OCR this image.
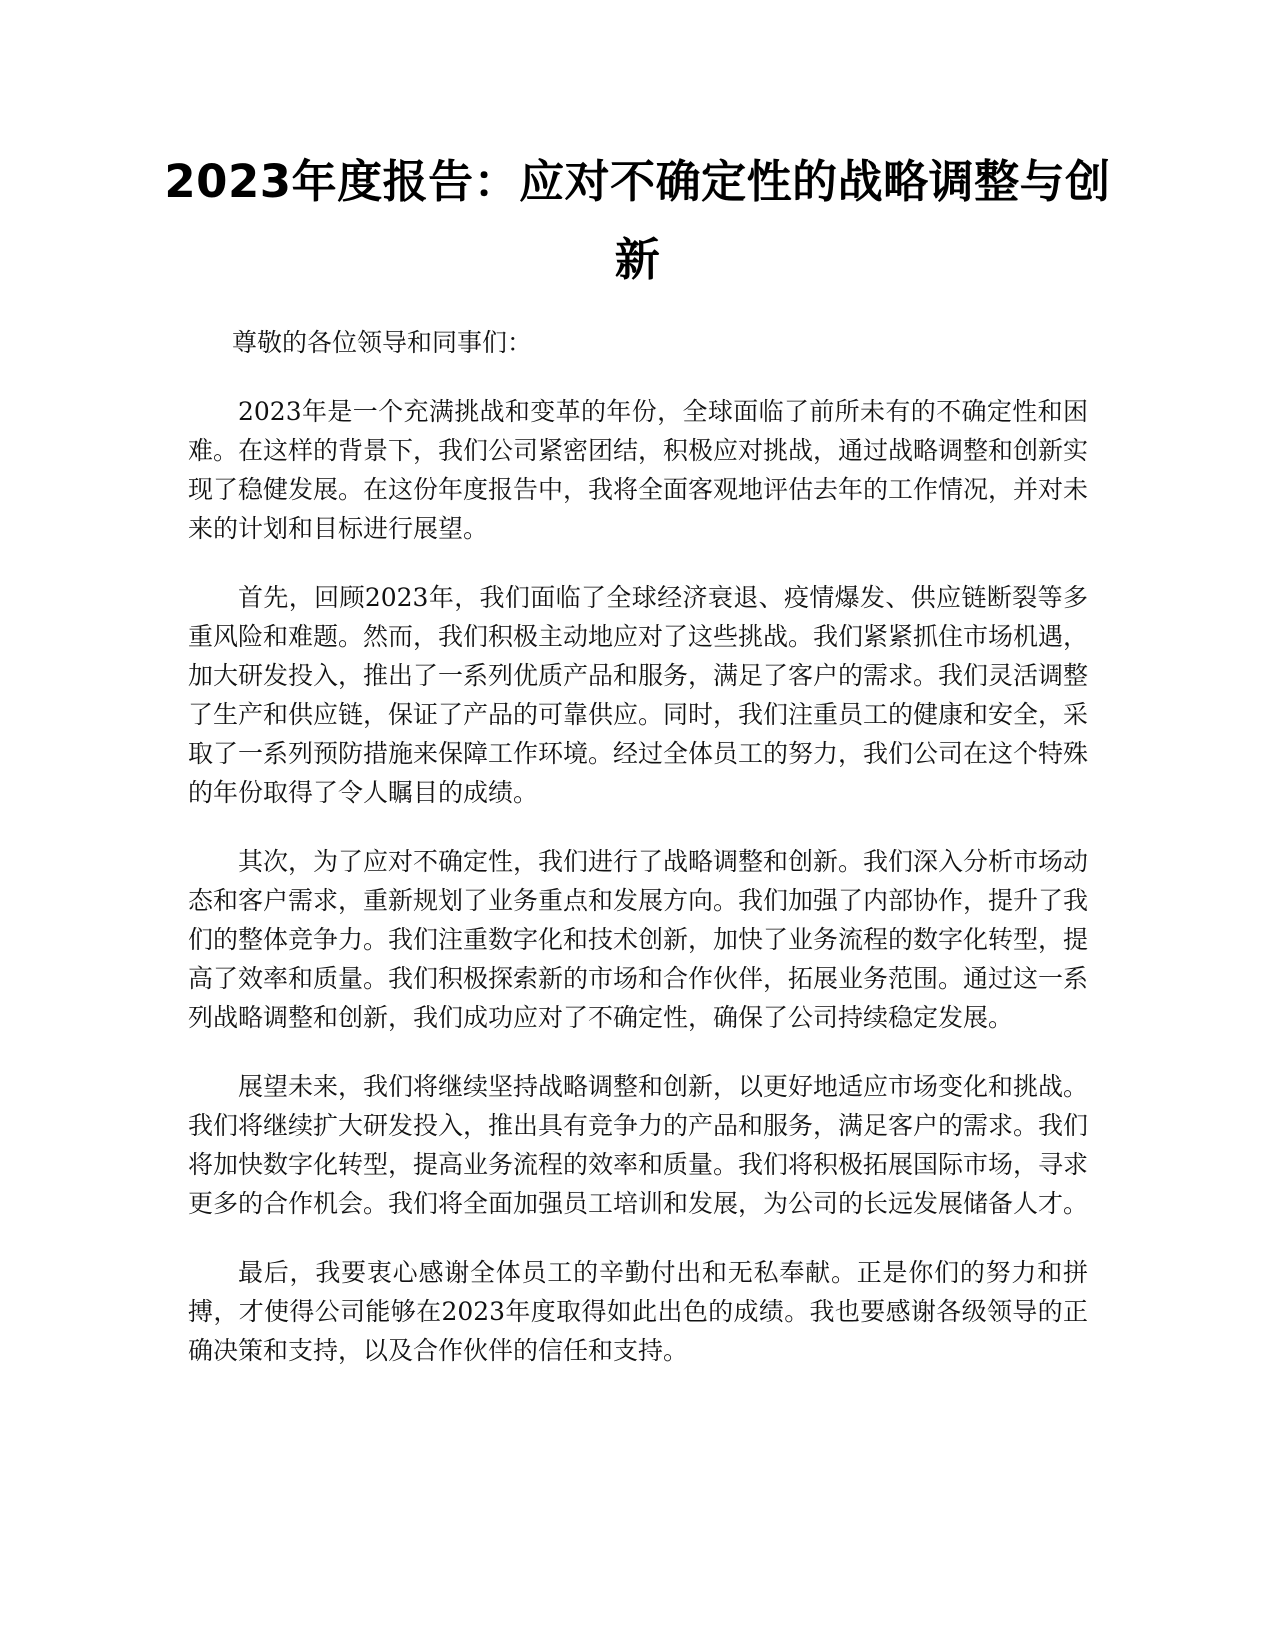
2023年度报告：应对不确定性的战略调整与创新

尊敬的各位领导和同事们：

2023年是一个充满挑战和变革的年份，全球面临了前所未有的不确定性和困难。在这样的背景下，我们公司紧密团结，积极应对挑战，通过战略调整和创新实现了稳健发展。在这份年度报告中，我将全面客观地评估去年的工作情况，并对未来的计划和目标进行展望。

首先，回顾2023年，我们面临了全球经济衰退、疫情爆发、供应链断裂等多重风险和难题。然而，我们积极主动地应对了这些挑战。我们紧紧抓住市场机遇，加大研发投入，推出了一系列优质产品和服务，满足了客户的需求。我们灵活调整了生产和供应链，保证了产品的可靠供应。同时，我们注重员工的健康和安全，采取了一系列预防措施来保障工作环境。经过全体员工的努力，我们公司在这个特殊的年份取得了令人瞩目的成绩。

其次，为了应对不确定性，我们进行了战略调整和创新。我们深入分析市场动态和客户需求，重新规划了业务重点和发展方向。我们加强了内部协作，提升了我们的整体竞争力。我们注重数字化和技术创新，加快了业务流程的数字化转型，提高了效率和质量。我们积极探索新的市场和合作伙伴，拓展业务范围。通过这一系列战略调整和创新，我们成功应对了不确定性，确保了公司持续稳定发展。

展望未来，我们将继续坚持战略调整和创新，以更好地适应市场变化和挑战。我们将继续扩大研发投入，推出具有竞争力的产品和服务，满足客户的需求。我们将加快数字化转型，提高业务流程的效率和质量。我们将积极拓展国际市场，寻求更多的合作机会。我们将全面加强员工培训和发展，为公司的长远发展储备人才。

最后，我要衷心感谢全体员工的辛勤付出和无私奉献。正是你们的努力和拼搏，才使得公司能够在2023年度取得如此出色的成绩。我也要感谢各级领导的正确决策和支持，以及合作伙伴的信任和支持。
